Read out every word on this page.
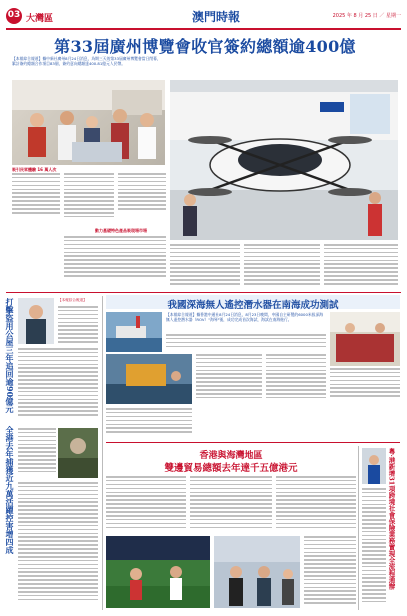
03 大灣區	澳門時報	2025 年 8 月 25 日 ／ 星期一
第33屆廣州博覽會收官簽約總額逾400億
【本報綜合報道】據中新社廣州8月24日消息，為期三天的第33屆廣州博覽會當日閉幕，累計簽約總額合作項目83個，簽約意向總額達400.81億元人民幣。
吸引民眾體驗 16 萬人次
動力基礎特色產品吸現場市場
打擊盜用公屋三年追回逾90億元	【本報綜合報道】
全港去年捕獲近九萬活躍控害增四成
我國深海無人遙控潛水器在南海成功測試
【本報綜合報道】據香港中通社8月24日消息，8月23日晚間，中國自主研製的6000米級深海無人遙控潛水器（ROV）"海琴"號，成功完成首次海試，海試在南海進行。
香港與海灣地區
雙邊貿易總額去年達千五億港元	粵·港新增31項跨境社會保險業務實現全流程通辦
